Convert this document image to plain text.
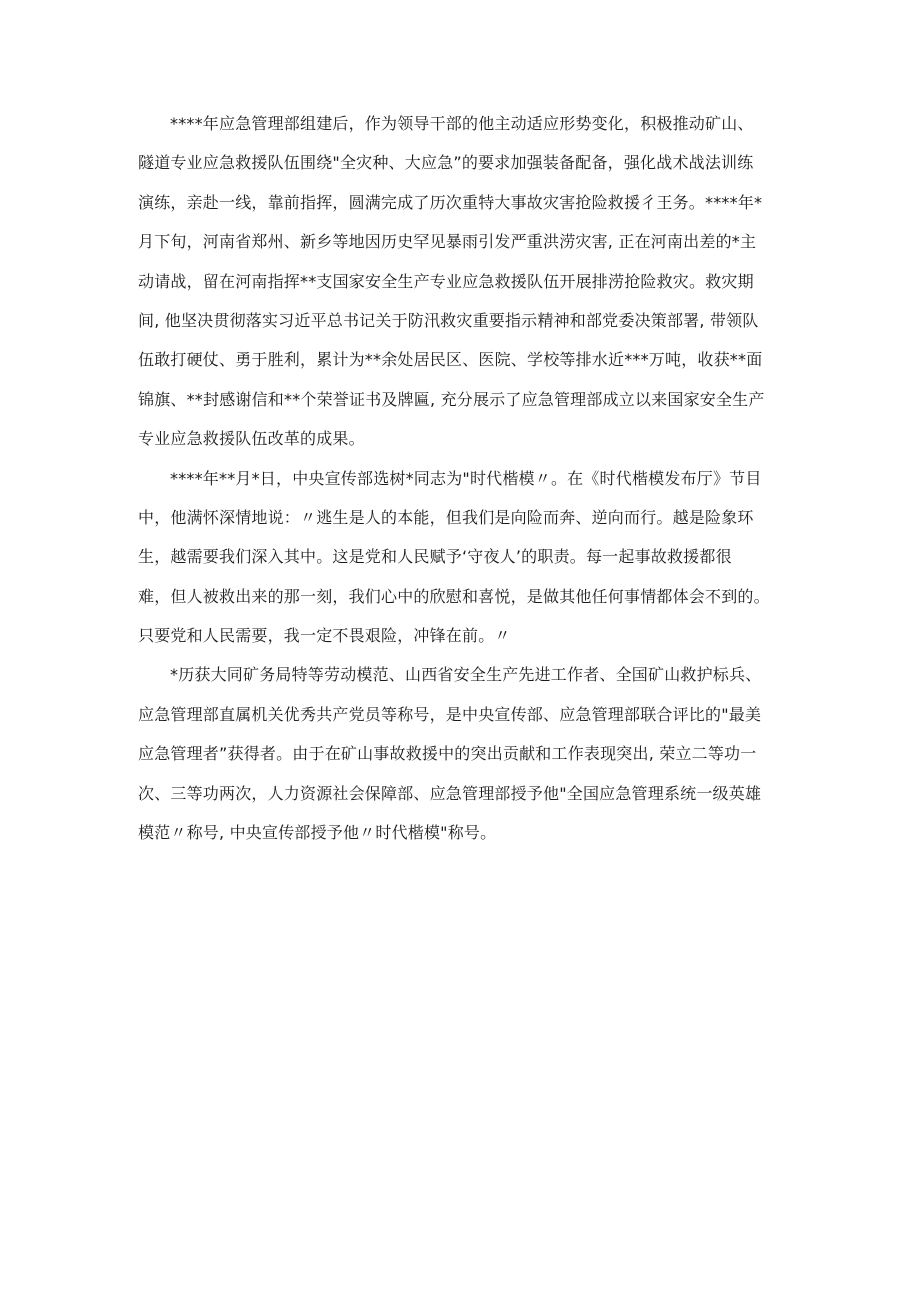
****年应急管理部组建后，作为领导干部的他主动适应形势变化，积极推动矿山、
隧道专业应急救援队伍围绕"全灾种、大应急”的要求加强装备配备，强化战术战法训练
演练，亲赴一线，靠前指挥，圆满完成了历次重特大事故灾害抢险救援彳王务。****年*
月下旬，河南省郑州、新乡等地因历史罕见暴雨引发严重洪涝灾害, 正在河南出差的*主
动请战，留在河南指挥**支国家安全生产专业应急救援队伍开展排涝抢险救灾。救灾期
间, 他坚决贯彻落实习近平总书记关于防汛救灾重要指示精神和部党委决策部署, 带领队
伍敢打硬仗、勇于胜利，累计为**余处居民区、医院、学校等排水近***万吨，收获**面
锦旗、**封感谢信和**个荣誉证书及牌匾, 充分展示了应急管理部成立以来国家安全生产
专业应急救援队伍改革的成果。
****年**月*日，中央宣传部选树*同志为"时代楷模〃。在《时代楷模发布厅》节目
中，他满怀深情地说：〃逃生是人的本能，但我们是向险而奔、逆向而行。越是险象环
生，越需要我们深入其中。这是党和人民赋予‘守夜人’的职责。每一起事故救援都很
难，但人被救出来的那一刻，我们心中的欣慰和喜悦，是做其他任何事情都体会不到的。
只要党和人民需要，我一定不畏艰险，冲锋在前。〃
*历获大同矿务局特等劳动模范、山西省安全生产先进工作者、全国矿山救护标兵、
应急管理部直属机关优秀共产党员等称号，是中央宣传部、应急管理部联合评比的"最美
应急管理者”获得者。由于在矿山事故救援中的突出贡献和工作表现突出, 荣立二等功一
次、三等功两次，人力资源社会保障部、应急管理部授予他"全国应急管理系统一级英雄
模范〃称号, 中央宣传部授予他〃时代楷模"称号。
